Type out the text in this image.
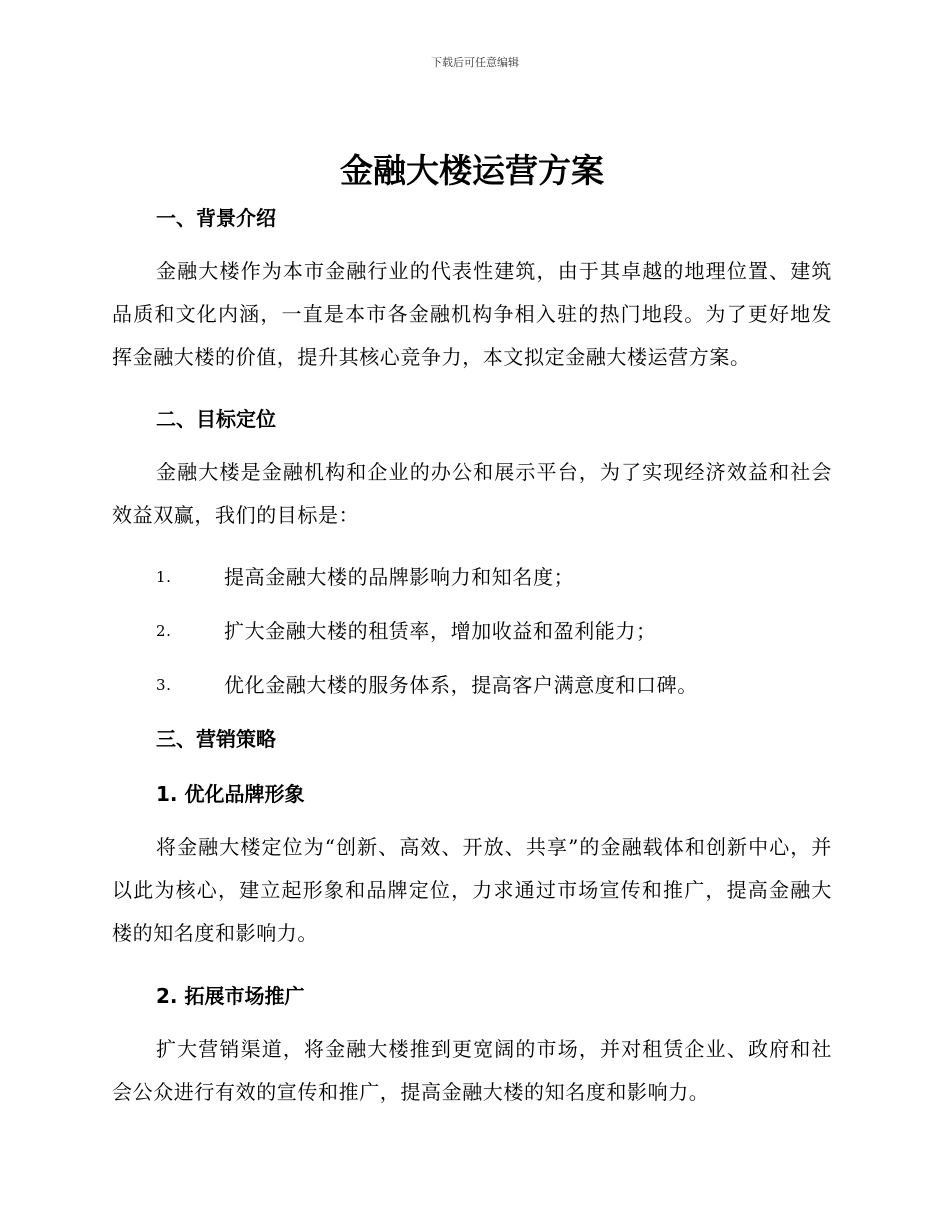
下载后可任意编辑
金融大楼运营方案
一、背景介绍

金融大楼作为本市金融行业的代表性建筑，由于其卓越的地理位置、建筑品质和文化内涵，一直是本市各金融机构争相入驻的热门地段。为了更好地发挥金融大楼的价值，提升其核心竞争力，本文拟定金融大楼运营方案。

二、目标定位

金融大楼是金融机构和企业的办公和展示平台，为了实现经济效益和社会效益双赢，我们的目标是：

1.	提高金融大楼的品牌影响力和知名度；
2.	扩大金融大楼的租赁率，增加收益和盈利能力；
3.	优化金融大楼的服务体系，提高客户满意度和口碑。
三、营销策略
1. 优化品牌形象

将金融大楼定位为“创新、高效、开放、共享”的金融载体和创新中心，并以此为核心，建立起形象和品牌定位，力求通过市场宣传和推广，提高金融大楼的知名度和影响力。

2. 拓展市场推广

扩大营销渠道，将金融大楼推到更宽阔的市场，并对租赁企业、政府和社会公众进行有效的宣传和推广，提高金融大楼的知名度和影响力。
